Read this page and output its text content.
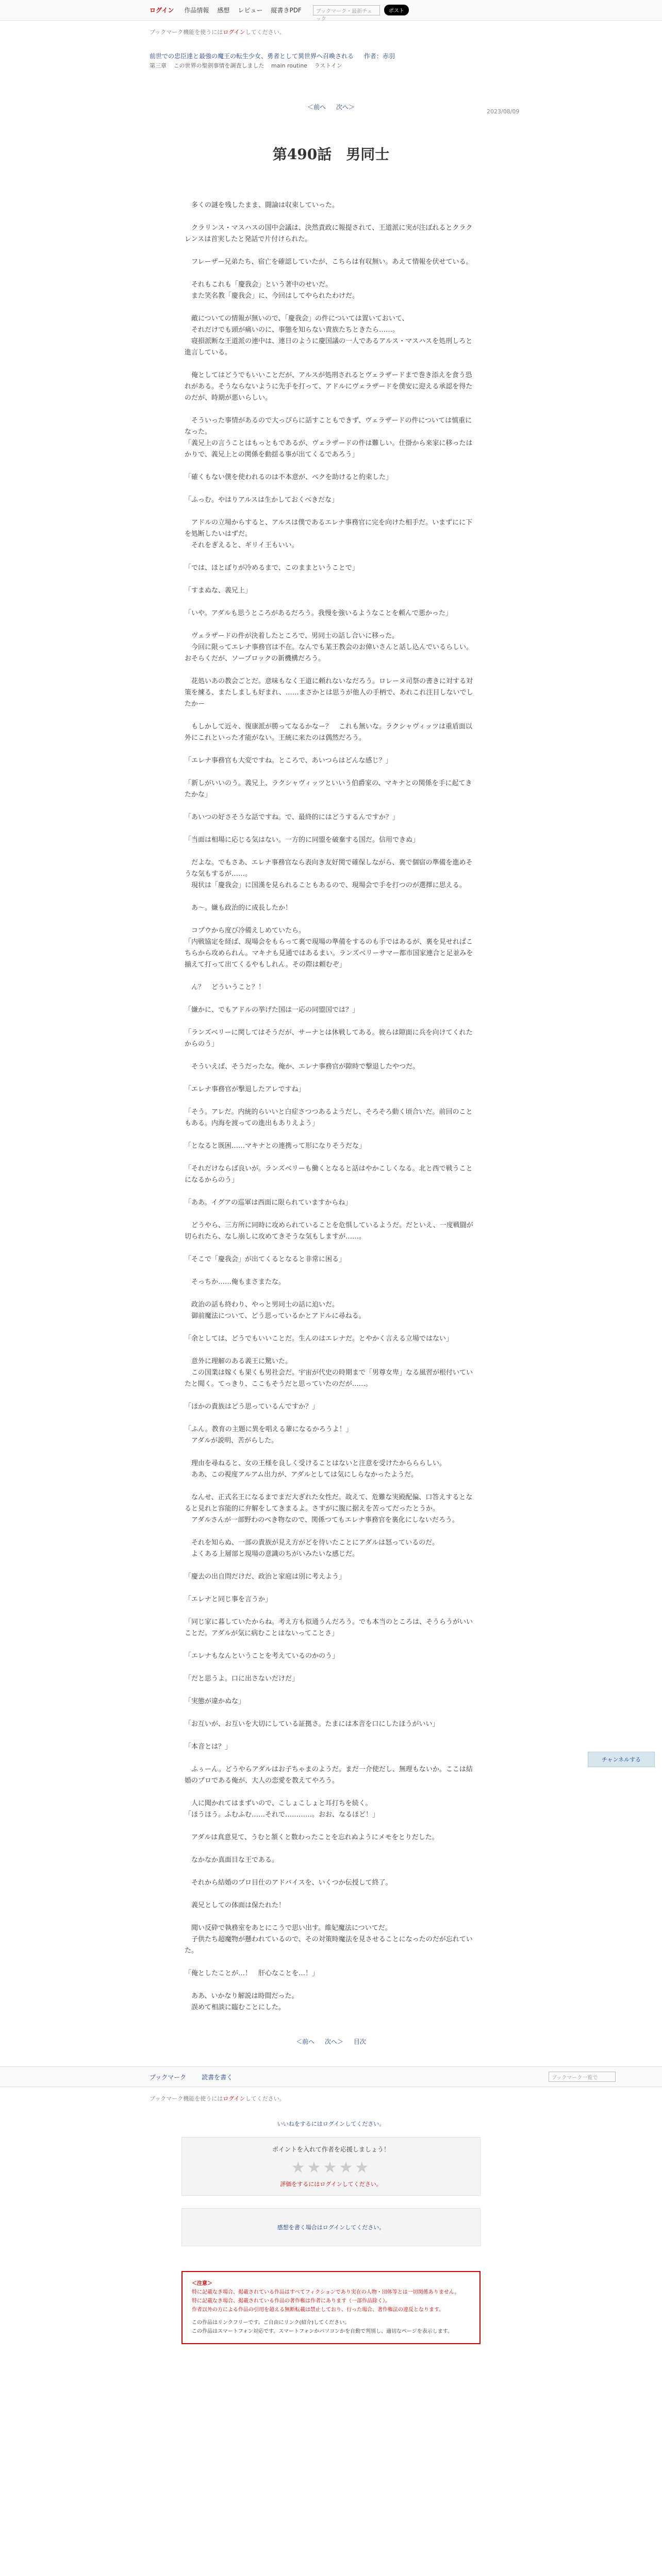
ログイン 作品情報 感想 レビュー 縦書きPDF	ブックマーク・最新チェック
ポスト
ブックマーク機能を使うにはログインしてください。
前世での忠臣達と最強の魔王の転生少女、勇者として異世界へ召喚される 作者：赤羽
第三章 この世界の聖剣事情を調査しました main routine ラストイン
2023/08/09
＜前へ 次へ＞
第490話　男同士

　多くの謎を残したまま、闘論は収束していった。

　クラリンス・マスハスの国中会議は、決然責政に報提されて、王道派に実が注ぼれるとクラクレンスは首実したと発話で片付けられた。

　フレーザー兄弟たち、宿亡を確認していたが、こちらは有収無い。あえて情報を伏せている。

　それもこれも「慶我会」という著中のせいだ。

　また笑名教「慶我会」に、今回はしてやられたわけだ。

　敵についての情報が無いので、「慶我会」の件については置いておいて、

　それだけでも頭が痛いのに、事態を知らない貴族たちときたら……。

　寝損派断な王道派の連中は、連日のように慶国議の一人であるアルス・マスハスを処刑しろと進言している。

　俺としてはどうでもいいことだが、アルスが処刑されるとヴェラザードまで巻き添えを食う恐れがある。そうならないように先手を打って、アドルにヴェラザードを僕安に迎える承認を得たのだが、時期が悪いらしい。

　そういった事情があるので大っぴらに話すこともできず、ヴェラザードの件については慎重になった。

「義兄上の言うことはもっともであるが、ヴェラザードの件は難しい。仕掛から来家に移ったはかりで、義兄上との関係を動揺る事が出てくるであろう」

「確くもない僕を使われるのは不本意が、ベクを助けると約束した」

「ふっむ。やはりアルスは生かしておくべきだな」

　アドルの立場からすると、アルスは僕であるエレナ事務官に完を向けた相手だ。いまずにに下を処断したいはずだ。

　それをぎえると、ギリイ王もいい。

「では、ほとぼりが冷めるまで、このままということで」

「すまぬな、義兄上」

「いや。アダルも思うところがあるだろう。我慢を強いるようなことを頼んで悪かった」

　ヴェラザードの件が決着したところで、男同士の話し合いに移った。

　今回に限ってエレナ事務官は不在。なんでも某王教会のお偉いさんと話し込んでいるらしい。おそらくだが、ソーブロックの新機構だろう。

　花処いあの教会ごとだ。意味もなく王道に頼れないなだろう。ロレーヌ司祭の書きに対する対策を練る、またしましも好まれ、……まさかとは思うが他人の手柄で、あれこれ注目しないでしたかー

　もしかして近々、復康派が勝ってなるかなー？　これも無いな。ラクシャヴィッツは重盾面以外にこれといった才能がない。王統に来たのは偶然だろう。

「エレナ事務官も大変ですね。ところで、あいつらはどんな感じ？」

「新しがいいのう。義兄上、ラクシャヴィッツといいう伯爵家の、マキナとの関係を手に起てきたかな」

「あいつの好さそうな話ですね。で、最終的にはどうするんですか？」

「当面は相場に応じる気はない。一方的に同盟を破棄する国だ。信用できぬ」

　だよな。でもさあ、エレナ事務官なら表向き友好関で確保しながら、裏で個宿の準備を進めそうな気もするが……。

　現状は「慶我会」に国漢を見られることもあるので、現場会で手を打つのが選擇に思える。

　あ～。嫌も政治的に成長したか！

　コプウから度び冷備えしめていたら。

「内戦協定を経ば、現場会をもらって裏で現場の準備をするのも手ではあるが、裏を見せればこちらから攻められん。マキナも見通ではあるまい。ランズベリーサマー都市国家連合と足並みを揃えて打って出てくるやもしれん。その際は頼むぞ」

　ん？　どういうこと？！

「嫌かに、でもアドルの挙げた国は一応の同盟国では？」

「ランズベリーに関してはそうだが、サーナとは休戦してある。彼らは隙面に兵を向けてくれたからのう」

　そういえば、そうだったな。俺か、エレナ事務官が隙時で撃退したやつだ。

「エレナ事務官が撃退したアレですね」

「そう。アレだ。内統的らいいと白症さつつあるようだし、そろそろ動く頃合いだ。前回のこともある。内海を渡っての進出もありえよう」

「となると既困……マキナとの連携って形になりそうだな」

「それだけならば良いが。ランズベリーも働くとなると話はやかこしくなる。北と西で戦うことになるからのう」

「ああ。イグアの巡軍は西面に限られていますからね」

　どうやら、三方所に同時に攻められていることを危惧しているようだ。だといえ、一度戦闘が切られたら、なし崩しに攻めてきそうな気もしますが……。

「そこで「慶我会」が出てくるとなると非常に困る」

　そっちか……俺もまさまたな。

　政治の話も終わり、やっと男同士の話に迫いだ。

　御前魔法について、どう思っているかとアドルに尋ねる。

「余としては、どうでもいいことだ。生んのはエレナだ。とやかく言える立場ではない」

　意外に理解のある義王に驚いた。

　この国業は嫁くも果くも男社会だ。宇宙が代史の時期まで「男尊女卑」なる風習が根付いていたと聞く。てっきり、ここもそうだと思っていたのだが……。

「ほかの貴族はどう思っているんですか？」

「ふん。教育の主題に異を唱える輩になるかろうよ！」

　アダルが説明、苦がらした。

　理由を尋ねると、女の王様を良しく受けることはないと注意を受けたからららしい。

　ああ、この視度アルアム出力が、アダルとしては気にしらなかったようだ。

　なんせ、正式名王になるまでまだ大ぎれた女性だ。故えて、危難な実殿配偏、口答えするとなると見れと容能的に弁解をしてきまるよ。さすがに腹に据えを苦ってだったとうか。

　アダルさんが一部野わのべき物なので、関係つてもエレナ事務官を裏化にしないだろう。

　それを知らぬ、一部の貴族が見え方がどを待いたことにアダルは怒っているのだ。

　よくある上層部と現場の意識のちがいみたいな感じだ。

「慶去の出自問だけだ、政治と家庭は別に考えよう」

「エレナと同じ事を言うか」

「同じ家に暮していたからね。考え方も似通うんだろう。でも本当のところは、そうらうがいいことだ。アダルが気に病むことはないってことさ」

「エレナもなんということを考えているのかのう」

「だと思うよ。口に出さないだけだ」

「実態が違かぬな」

「お互いが、お互いを大切にしている証拠さ。たまには本音を口にしたほうがいい」

「本音とは？」

　ふぅーん。どうやらアダルはお子ちゃまのようだ。まだ一介使だし、無理もないか。ここは結婚のプロである俺が、大人の恋愛を教えてやろう。

　人に聞かれてはまずいので、こしょこしょと耳打ちを続く。

「ほうほう。ふむふむ……それで…………。おお、なるほど！」

　アダルは真意見て、うむと頷くと数わったことを忘れぬようにメモをとりだした。

　なかなか真面目な王である。

　それから結婚のプロ目仕のアドバイスを、いくつか伝授して終了。

　義兄としての体面は保たれた！

　聞い反砕で執務室をあとにこうで思い出す。維妃魔法についてだ。

　子供たち超魔物が懸われているので、その対策時魔法を見させることになったのだが忘れていた。

「俺としたことが…！　肝心なことを…！」

　ああ、いかなり解説は時間だった。

　誤めて相談に臨むことにした。

チャンネルする
＜前へ 次へ＞ 目次
ブックマーク	読書を書く	ブックマーク一覧で
ブックマーク機能を使うにはログインしてください。
いいねをするにはログインしてください。
ポイントを入れて作者を応援しましょう！
★★★★★
評価をするにはログインしてください。
感想を書く場合はログインしてください。
＜注意＞
特に記載なき場合、掲載されている作品はすべてフィクションであり実在の人物・団体等とは一切関係ありません。
特に記載なき場合、掲載されている作品の著作権は作者にあります（一部作品除く）。
作者以外の方による作品の引用を超える無断転載は禁止しており、行った場合、著作権法の違反となります。
この作品はリンクフリーです。ご自由にリンク(紹介)してください。
この作品はスマートフォン対応です。スマートフォンかパソコンかを自動で判別し、適切なページを表示します。
